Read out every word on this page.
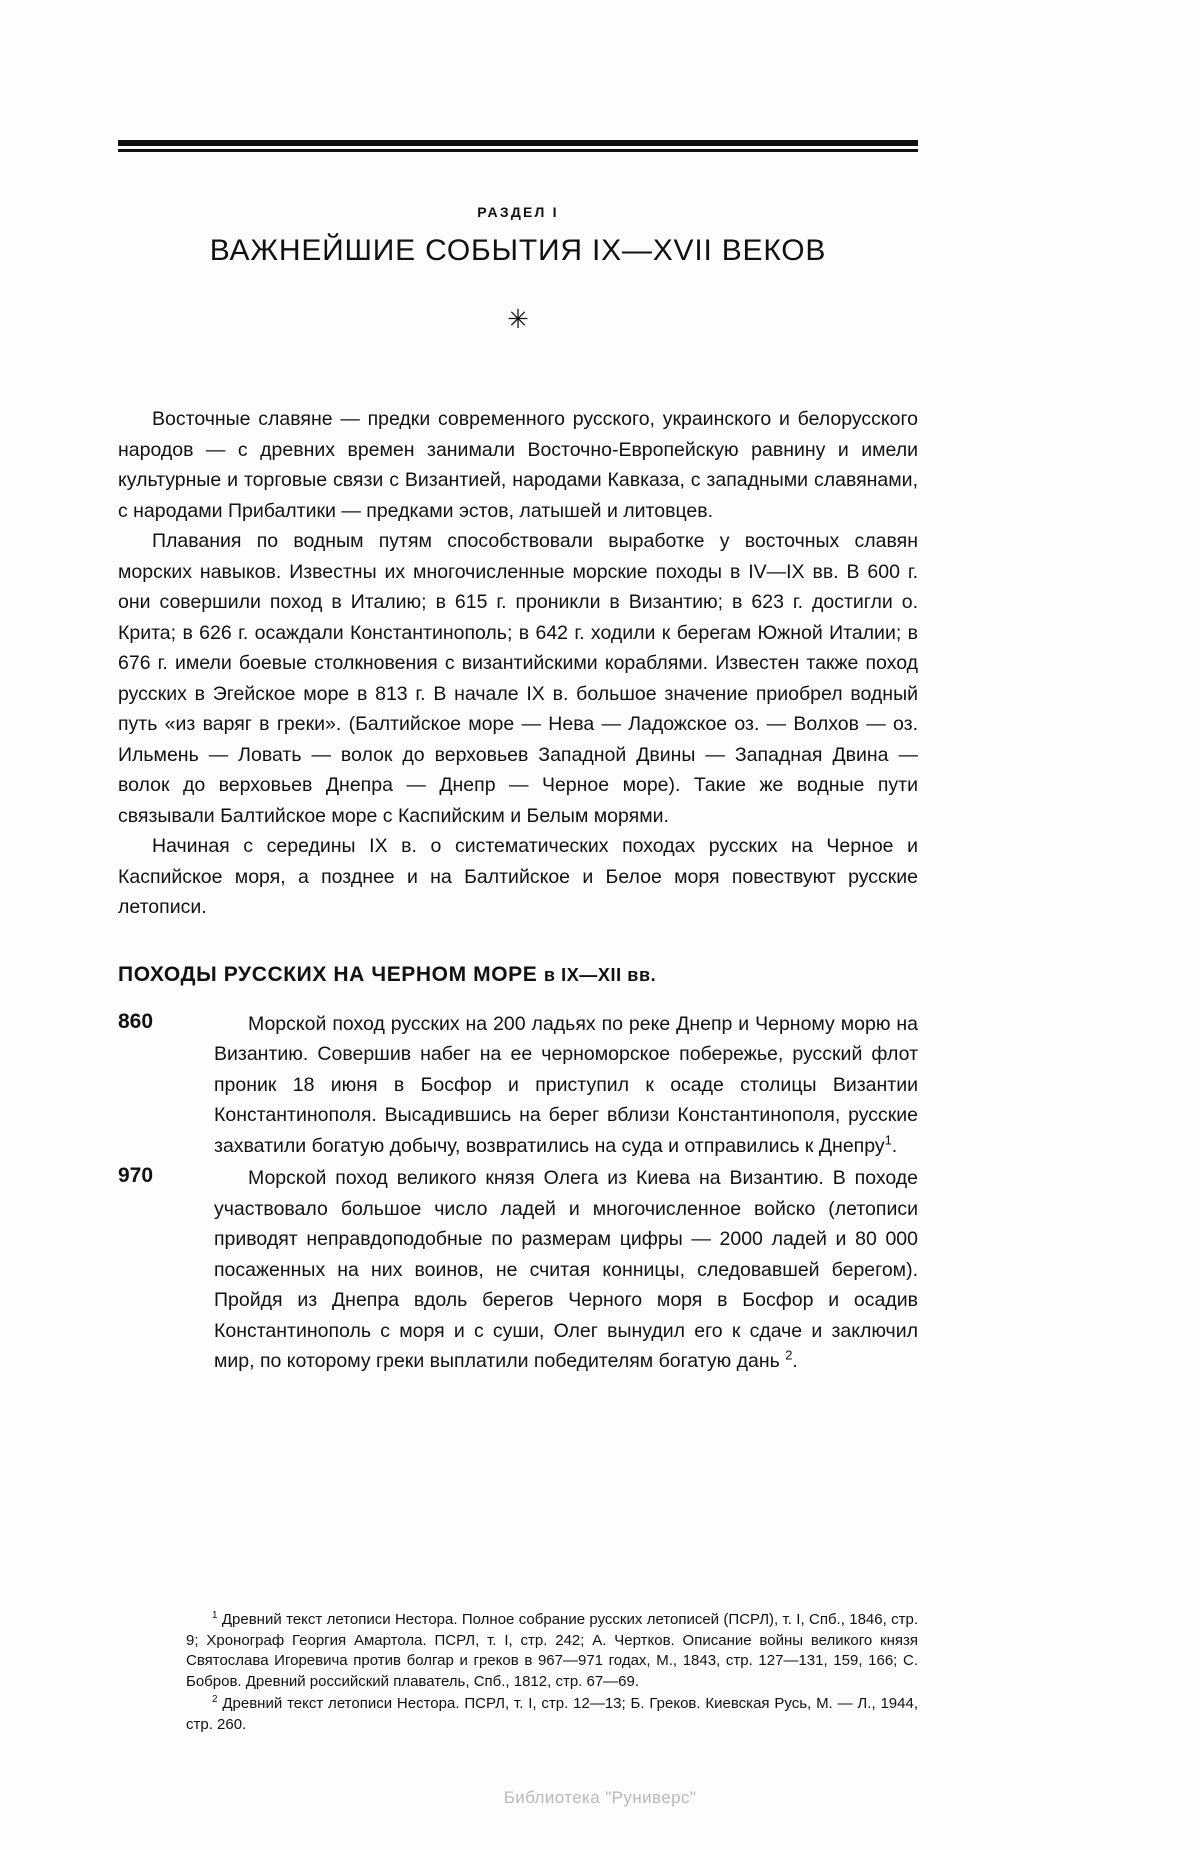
РАЗДЕЛ I
ВАЖНЕЙШИЕ СОБЫТИЯ IX—XVII ВЕКОВ
✳

Восточные славяне — предки современного русского, украинского и белорусского народов — с древних времен занимали Восточно-Европейскую равнину и имели культурные и торговые связи с Византией, народами Кавказа, с западными славянами, с народами Прибалтики — предками эстов, латышей и литовцев.

Плавания по водным путям способствовали выработке у восточных славян морских навыков. Известны их многочисленные морские походы в IV—IX вв. В 600 г. они совершили поход в Италию; в 615 г. проникли в Византию; в 623 г. достигли о. Крита; в 626 г. осаждали Константинополь; в 642 г. ходили к берегам Южной Италии; в 676 г. имели боевые столкновения с византийскими кораблями. Известен также поход русских в Эгейское море в 813 г. В начале IX в. большое значение приобрел водный путь «из варяг в греки». (Балтийское море — Нева — Ладожское оз. — Волхов — оз. Ильмень — Ловать — волок до верховьев Западной Двины — Западная Двина — волок до верховьев Днепра — Днепр — Черное море). Такие же водные пути связывали Балтийское море с Каспийским и Белым морями.

Начиная с середины IX в. о систематических походах русских на Черное и Каспийское моря, а позднее и на Балтийское и Белое моря повествуют русские летописи.

ПОХОДЫ РУССКИХ НА ЧЕРНОМ МОРЕ в IX—XII вв.
860	Морской поход русских на 200 ладьях по реке Днепр и Черному морю на Византию. Совершив набег на ее черноморское побережье, русский флот проник 18 июня в Босфор и приступил к осаде столицы Византии Константинополя. Высадившись на берег вблизи Константинополя, русские захватили богатую добычу, возвратились на суда и отправились к Днепру$^1$.
970	Морской поход великого князя Олега из Киева на Византию. В походе участвовало большое число ладей и многочисленное войско (летописи приводят неправдоподобные по размерам цифры — 2000 ладей и 80 000 посаженных на них воинов, не считая конницы, следовавшей берегом). Пройдя из Днепра вдоль берегов Черного моря в Босфор и осадив Константинополь с моря и с суши, Олег вынудил его к сдаче и заключил мир, по которому греки выплатили победителям богатую дань $^2$.

$^1$ Древний текст летописи Нестора. Полное собрание русских летописей (ПСРЛ), т. I, Спб., 1846, стр. 9; Хронограф Георгия Амартола. ПСРЛ, т. I, стр. 242; А. Чертков. Описание войны великого князя Святослава Игоревича против болгар и греков в 967—971 годах, М., 1843, стр. 127—131, 159, 166; С. Бобров. Древний российский плаватель, Спб., 1812, стр. 67—69.

$^2$ Древний текст летописи Нестора. ПСРЛ, т. I, стр. 12—13; Б. Греков. Киевская Русь, М. — Л., 1944, стр. 260.

Библиотека "Руниверс"
